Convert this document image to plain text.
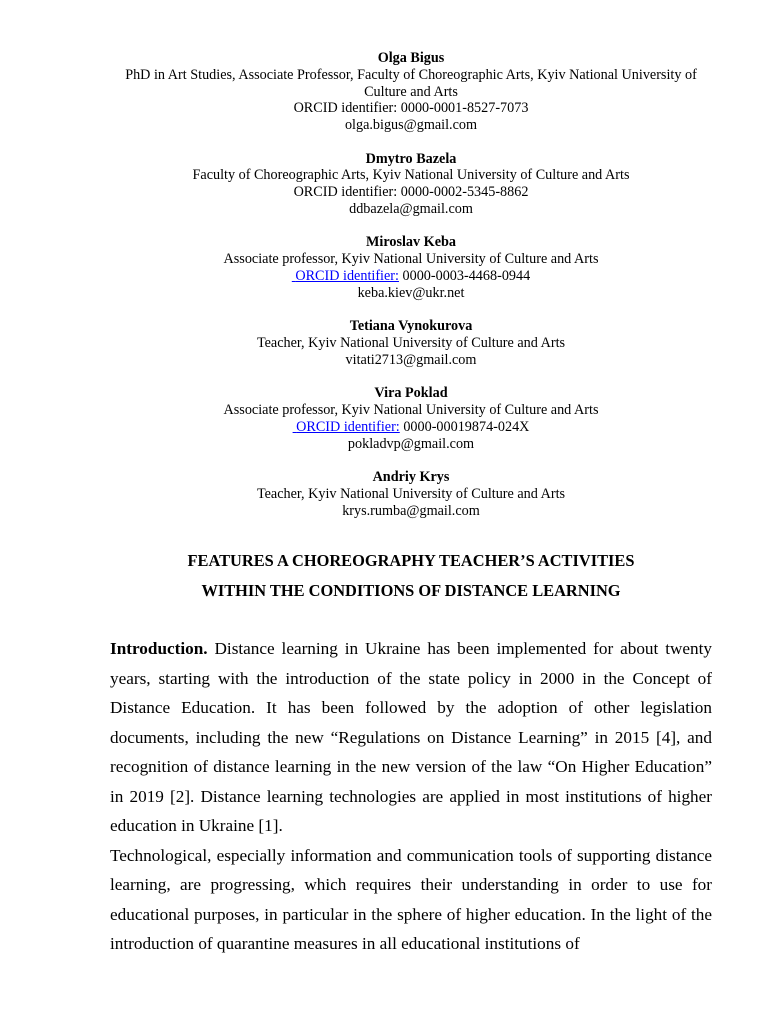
Olga Bigus
PhD in Art Studies, Associate Professor, Faculty of Choreographic Arts, Kyiv National University of Culture and Arts
ORCID identifier: 0000-0001-8527-7073
olga.bigus@gmail.com
Dmytro Bazela
Faculty of Choreographic Arts, Kyiv National University of Culture and Arts
ORCID identifier: 0000-0002-5345-8862
ddbazela@gmail.com
Miroslav Keba
Associate professor, Kyiv National University of Culture and Arts
ORCID identifier: 0000-0003-4468-0944
keba.kiev@ukr.net
Tetiana Vynokurova
Teacher, Kyiv National University of Culture and Arts
vitati2713@gmail.com
Vira Poklad
Associate professor, Kyiv National University of Culture and Arts
ORCID identifier: 0000-00019874-024X
pokladvp@gmail.com
Andriy Krys
Teacher, Kyiv National University of Culture and Arts
krys.rumba@gmail.com
FEATURES A CHOREOGRAPHY TEACHER’S ACTIVITIES
WITHIN THE CONDITIONS OF DISTANCE LEARNING

Introduction. Distance learning in Ukraine has been implemented for about twenty years, starting with the introduction of the state policy in 2000 in the Concept of Distance Education. It has been followed by the adoption of other legislation documents, including the new “Regulations on Distance Learning” in 2015 [4], and recognition of distance learning in the new version of the law “On Higher Education” in 2019 [2]. Distance learning technologies are applied in most institutions of higher education in Ukraine [1].

Technological, especially information and communication tools of supporting distance learning, are progressing, which requires their understanding in order to use for educational purposes, in particular in the sphere of higher education. In the light of the introduction of quarantine measures in all educational institutions of
